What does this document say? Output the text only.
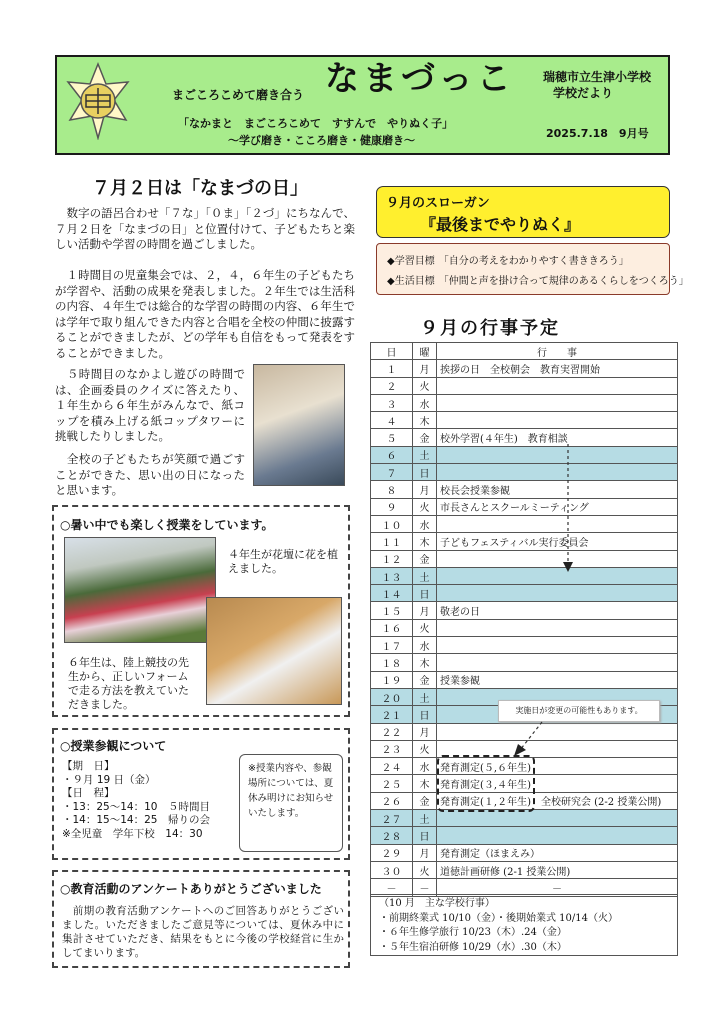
まごころこめて磨き合う なまづっこ 瑞穂市立生津小学校
学校だより
「なかまと　まごころこめて　すすんで　やりぬく子」
～学び磨き・こころ磨き・健康磨き～
2025.7.18　9月号
７月２日は「なまづの日」
　数字の語呂合わせ「７な」「０ま」「２づ」にちなんで、７月２日を「なまづの日」と位置付けて、子どもたちと楽しい活動や学習の時間を過ごしました。
　１時間目の児童集会では、２，４，６年生の子どもたちが学習や、活動の成果を発表しました。２年生では生活科の内容、４年生では総合的な学習の時間の内容、６年生では学年で取り組んできた内容と合唱を全校の仲間に披露することができましたが、どの学年も自信をもって発表をすることができました。
　５時間目のなかよし遊びの時間では、企画委員のクイズに答えたり、１年生から６年生がみんなで、紙コップを積み上げる紙コップタワーに挑戦したりしました。
　全校の子どもたちが笑顔で過ごすことができた、思い出の日になったと思います。
○暑い中でも楽しく授業をしています。
４年生が花壇に花を植えました。
６年生は、陸上競技の先生から、正しいフォームで走る方法を教えていただきました。
○授業参観について
【期　日】
・９月 19 日（金）
【日　程】
・13：25～14：10　５時間目
・14：15～14：25　帰りの会
※全児童　学年下校　14：30
※授業内容や、参観場所については、夏休み明けにお知らせいたします。
○教育活動のアンケートありがとうございました
　前期の教育活動アンケートへのご回答ありがとうございました。いただきましたご意見等については、夏休み中に集計させていただき、結果をもとに今後の学校経営に生かしてまいります。
９月のスローガン
『最後までやりぬく』
◆学習目標 「自分の考えをわかりやすく書ききろう」
◆生活目標 「仲間と声を掛け合って規律のあるくらしをつくろう」
９月の行事予定
日	曜	行　　事
１	月	挨拶の日　全校朝会　教育実習開始
２	火	
３	水	
４	木	
５	金	校外学習(４年生)　教育相談
６	土	
７	日	
８	月	校長会授業参観
９	火	市長さんとスクールミーティング
１０	水	
１１	木	子どもフェスティバル実行委員会
１２	金	
１３	土	
１４	日	
１５	月	敬老の日
１６	火	
１７	水	
１８	木	
１９	金	授業参観
２０	土	
２１	日	
２２	月	
２３	火	
２４	水	発育測定(５,６年生)
２５	木	発育測定(３,４年生)
２６	金	発育測定(１,２年生)　全校研究会 (2-2 授業公開)
２７	土	
２８	日	
２９	月	発育測定（ほまえみ）
３０	火	道徳計画研修 (2-1 授業公開)
－	－	－
実施日が変更の可能性もあります。
（10 月　主な学校行事）
・前期終業式 10/10（金）・後期始業式 10/14（火）
・６年生修学旅行 10/23（木）.24（金）
・５年生宿泊研修 10/29（水）.30（木）
